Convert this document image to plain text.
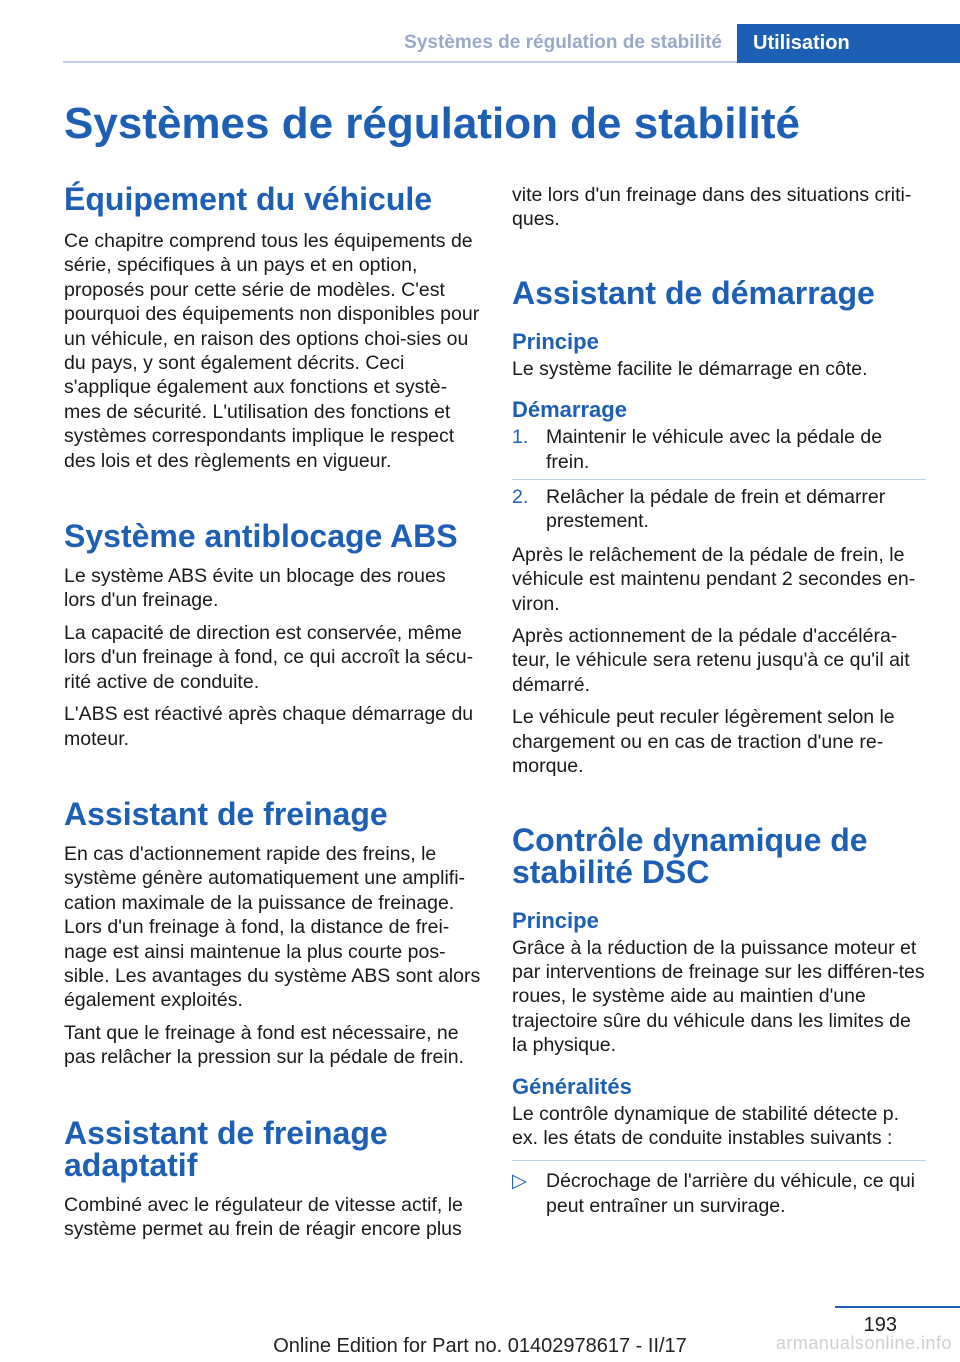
Systèmes de régulation de stabilité	Utilisation
Systèmes de régulation de stabilité
Équipement du véhicule

Ce chapitre comprend tous les équipements de série, spécifiques à un pays et en option, proposés pour cette série de modèles. C'est pourquoi des équipements non disponibles pour un véhicule, en raison des options choi-sies ou du pays, y sont également décrits. Ceci s'applique également aux fonctions et systè-mes de sécurité. L'utilisation des fonctions et systèmes correspondants implique le respect des lois et des règlements en vigueur.

Système antiblocage ABS

Le système ABS évite un blocage des roues lors d'un freinage.

La capacité de direction est conservée, même lors d'un freinage à fond, ce qui accroît la sécu-rité active de conduite.

L'ABS est réactivé après chaque démarrage du moteur.

Assistant de freinage

En cas d'actionnement rapide des freins, le système génère automatiquement une amplifi-cation maximale de la puissance de freinage. Lors d'un freinage à fond, la distance de frei-nage est ainsi maintenue la plus courte pos-sible. Les avantages du système ABS sont alors également exploités.

Tant que le freinage à fond est nécessaire, ne pas relâcher la pression sur la pédale de frein.

Assistant de freinage adaptatif

Combiné avec le régulateur de vitesse actif, le système permet au frein de réagir encore plus

vite lors d'un freinage dans des situations criti-ques.

Assistant de démarrage
Principe

Le système facilite le démarrage en côte.

Démarrage
1. Maintenir le véhicule avec la pédale de frein.
2. Relâcher la pédale de frein et démarrer prestement.

Après le relâchement de la pédale de frein, le véhicule est maintenu pendant 2 secondes en-viron.

Après actionnement de la pédale d'accéléra-teur, le véhicule sera retenu jusqu'à ce qu'il ait démarré.

Le véhicule peut reculer légèrement selon le chargement ou en cas de traction d'une re-morque.

Contrôle dynamique de stabilité DSC
Principe

Grâce à la réduction de la puissance moteur et par interventions de freinage sur les différen-tes roues, le système aide au maintien d'une trajectoire sûre du véhicule dans les limites de la physique.

Généralités

Le contrôle dynamique de stabilité détecte p. ex. les états de conduite instables suivants :

▷ Décrochage de l'arrière du véhicule, ce qui peut entraîner un survirage.
193
Online Edition for Part no. 01402978617 - II/17	armanualsonline.info
